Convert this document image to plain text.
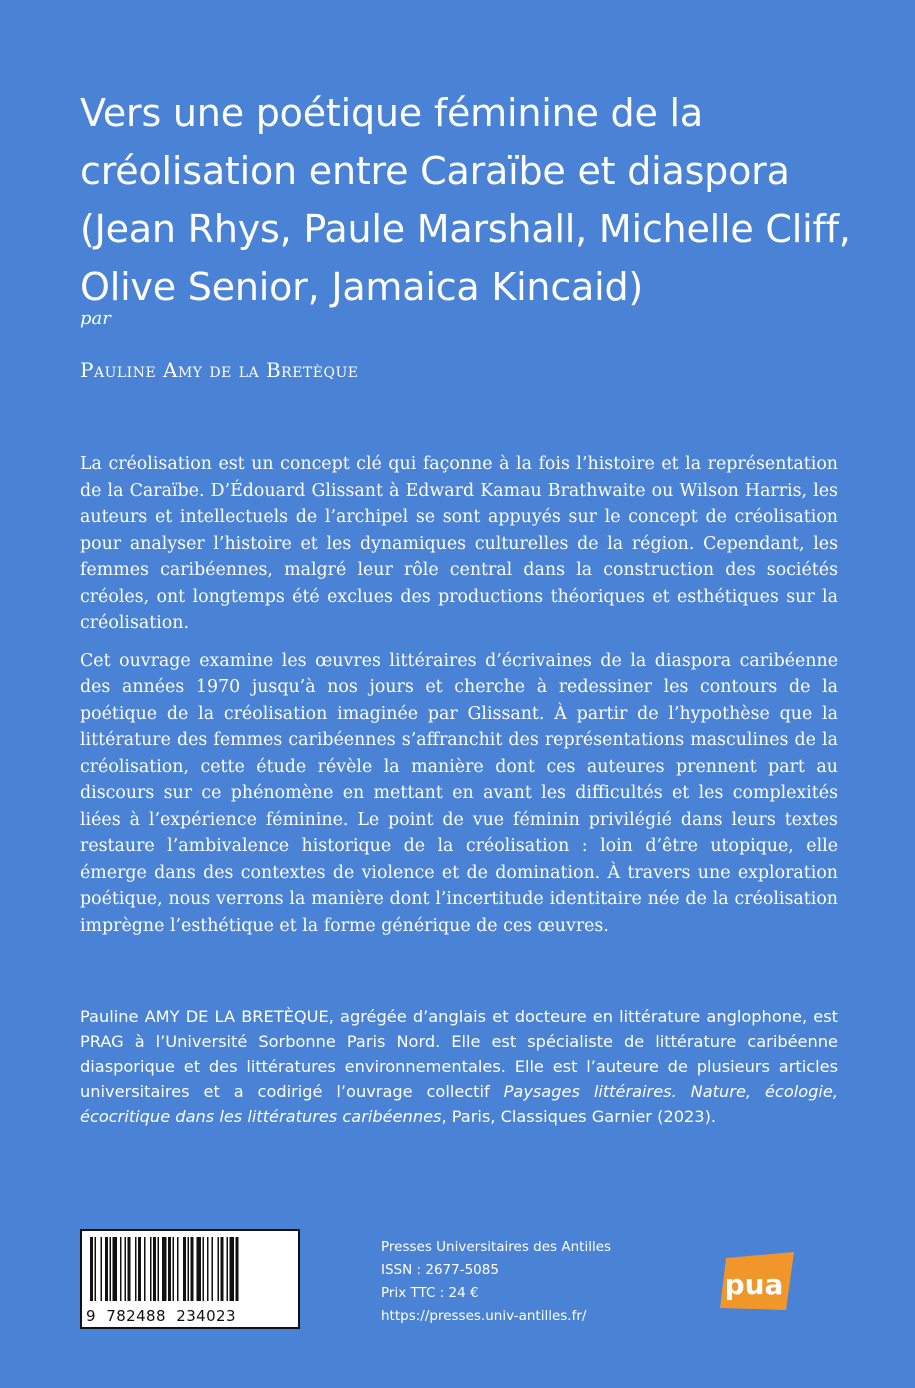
Vers une poétique féminine de la créolisation entre Caraïbe et diaspora (Jean Rhys, Paule Marshall, Michelle Cliff, Olive Senior, Jamaica Kincaid)

par

Pauline Amy de la Bretèque

La créolisation est un concept clé qui façonne à la fois l’histoire et la représentation de la Caraïbe. D’Édouard Glissant à Edward Kamau Brathwaite ou Wilson Harris, les auteurs et intellectuels de l’archipel se sont appuyés sur le concept de créolisation pour analyser l’histoire et les dynamiques culturelles de la région. Cependant, les femmes caribéennes, malgré leur rôle central dans la construction des sociétés créoles, ont longtemps été exclues des productions théoriques et esthétiques sur la créolisation.

Cet ouvrage examine les œuvres littéraires d’écrivaines de la diaspora caribéenne des années 1970 jusqu’à nos jours et cherche à redessiner les contours de la poétique de la créolisation imaginée par Glissant. À partir de l’hypothèse que la littérature des femmes caribéennes s’affranchit des représentations masculines de la créolisation, cette étude révèle la manière dont ces auteures prennent part au discours sur ce phénomène en mettant en avant les difficultés et les complexités liées à l’expérience féminine. Le point de vue féminin privilégié dans leurs textes restaure l’ambivalence historique de la créolisation : loin d’être utopique, elle émerge dans des contextes de violence et de domination. À travers une exploration poétique, nous verrons la manière dont l’incertitude identitaire née de la créolisation imprègne l’esthétique et la forme générique de ces œuvres.

Pauline AMY DE LA BRETÈQUE, agrégée d’anglais et docteure en littérature anglophone, est PRAG à l’Université Sorbonne Paris Nord. Elle est spécialiste de littérature caribéenne diasporique et des littératures environnementales. Elle est l’auteure de plusieurs articles universitaires et a codirigé l’ouvrage collectif Paysages littéraires. Nature, écologie, écocritique dans les littératures caribéennes, Paris, Classiques Garnier (2023).
9  782488  234023
Presses Universitaires des Antilles
ISSN : 2677-5085
Prix TTC : 24 €
https://presses.univ-antilles.fr/
pua
